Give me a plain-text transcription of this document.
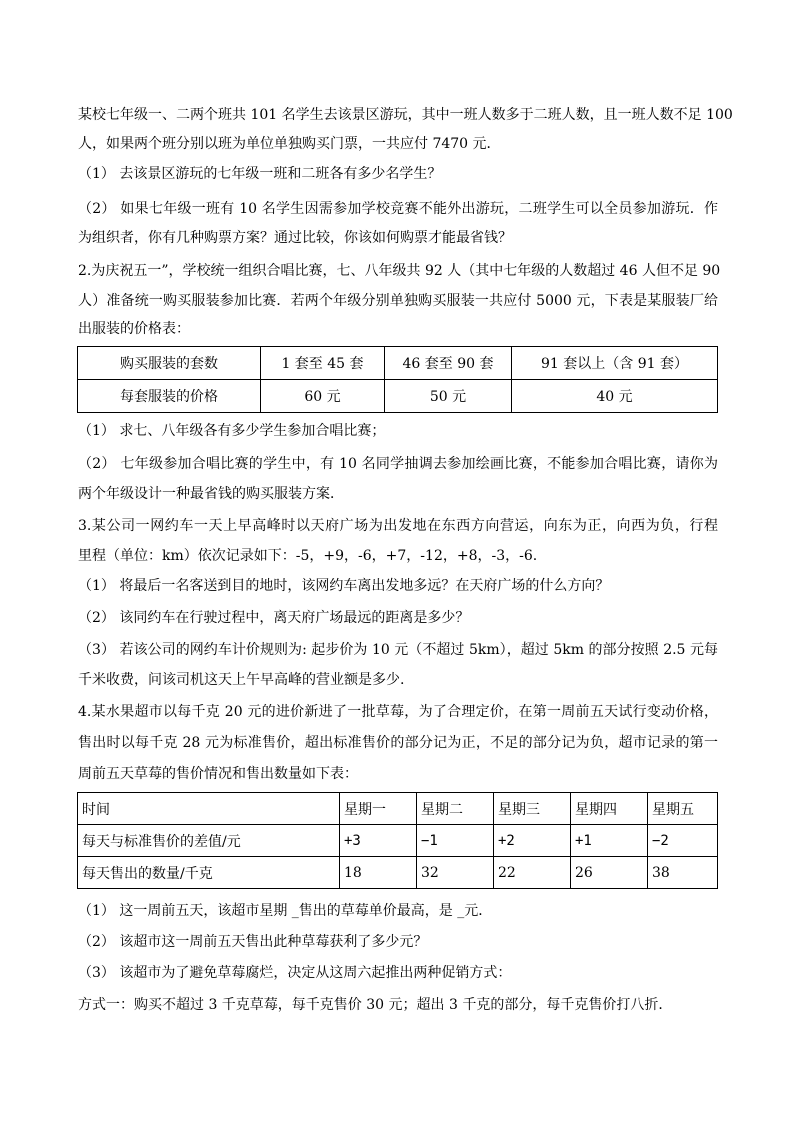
某校七年级一、二两个班共 101 名学生去该景区游玩，其中一班人数多于二班人数，且一班人数不足 100
人，如果两个班分别以班为单位单独购买门票，一共应付 7470 元．
（1） 去该景区游玩的七年级一班和二班各有多少名学生？
（2） 如果七年级一班有 10 名学生因需参加学校竞赛不能外出游玩，二班学生可以全员参加游玩．作
为组织者，你有几种购票方案？通过比较，你该如何购票才能最省钱？
2.为庆祝五一”，学校统一组织合唱比赛，七、八年级共 92 人（其中七年级的人数超过 46 人但不足 90
人）准备统一购买服装参加比赛．若两个年级分别单独购买服装一共应付 5000 元，下表是某服装厂给
出服装的价格表：
购买服装的套数	1 套至 45 套	46 套至 90 套	91 套以上（含 91 套）
每套服装的价格	60 元	50 元	40 元
（1） 求七、八年级各有多少学生参加合唱比赛；
（2） 七年级参加合唱比赛的学生中，有 10 名同学抽调去参加绘画比赛，不能参加合唱比赛，请你为
两个年级设计一种最省钱的购买服装方案．
3.某公司一网约车一天上早高峰时以天府广场为出发地在东西方向营运，向东为正，向西为负，行程
里程（单位：km）依次记录如下：-5，+9，-6，+7，-12，+8，-3，-6.
（1） 将最后一名客送到目的地时，该网约车离出发地多远？在天府广场的什么方向？
（2） 该同约车在行驶过程中，离天府广场最远的距离是多少？
（3） 若该公司的网约车计价规则为: 起步价为 10 元（不超过 5km），超过 5km 的部分按照 2.5 元每
千米收费，问该司机这天上午早高峰的营业额是多少.
4.某水果超市以每千克 20 元的进价新进了一批草莓，为了合理定价，在第一周前五天试行变动价格，
售出时以每千克 28 元为标准售价，超出标准售价的部分记为正，不足的部分记为负，超市记录的第一
周前五天草莓的售价情况和售出数量如下表：
时间	星期一	星期二	星期三	星期四	星期五
每天与标准售价的差值/元	+3	−1	+2	+1	−2
每天售出的数量/千克	18	32	22	26	38
（1） 这一周前五天，该超市星期 _售出的草莓单价最高，是 _元．
（2） 该超市这一周前五天售出此种草莓获利了多少元？
（3） 该超市为了避免草莓腐烂，决定从这周六起推出两种促销方式：
方式一：购买不超过 3 千克草莓，每千克售价 30 元；超出 3 千克的部分，每千克售价打八折．
